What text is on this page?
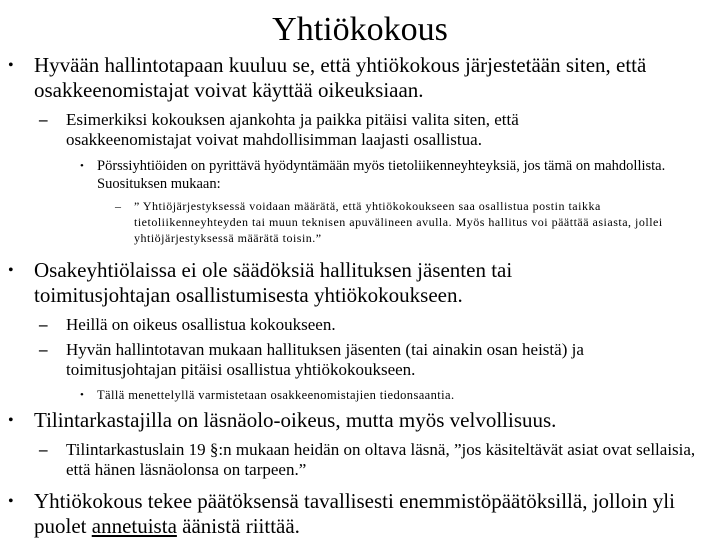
Yhtiökokous
• Hyvään hallintotapaan kuuluu se, että yhtiökokous järjestetään siten, että osakkeenomistajat voivat käyttää oikeuksiaan.
– Esimerkiksi kokouksen ajankohta ja paikka pitäisi valita siten, että osakkeenomistajat voivat mahdollisimman laajasti osallistua.
• Pörssiyhtiöiden on pyrittävä hyödyntämään myös tietoliikenneyhteyksiä, jos tämä on mahdollista. Suosituksen mukaan:
– ” Yhtiöjärjestyksessä voidaan määrätä, että yhtiökokoukseen saa osallistua postin taikka tietoliikenneyhteyden tai muun teknisen apuvälineen avulla. Myös hallitus voi päättää asiasta, jollei yhtiöjärjestyksessä määrätä toisin.”
• Osakeyhtiölaissa ei ole säädöksiä hallituksen jäsenten tai toimitusjohtajan osallistumisesta yhtiökokoukseen.
– Heillä on oikeus osallistua kokoukseen.
– Hyvän hallintotavan mukaan hallituksen jäsenten (tai ainakin osan heistä) ja toimitusjohtajan pitäisi osallistua yhtiökokoukseen.
• Tällä menettelyllä varmistetaan osakkeenomistajien tiedonsaantia.
• Tilintarkastajilla on läsnäolo-oikeus, mutta myös velvollisuus.
– Tilintarkastuslain 19 §:n mukaan heidän on oltava läsnä, ”jos käsiteltävät asiat ovat sellaisia, että hänen läsnäolonsa on tarpeen.”
• Yhtiökokous tekee päätöksensä tavallisesti enemmistöpäätöksillä, jolloin yli puolet annetuista äänistä riittää.
